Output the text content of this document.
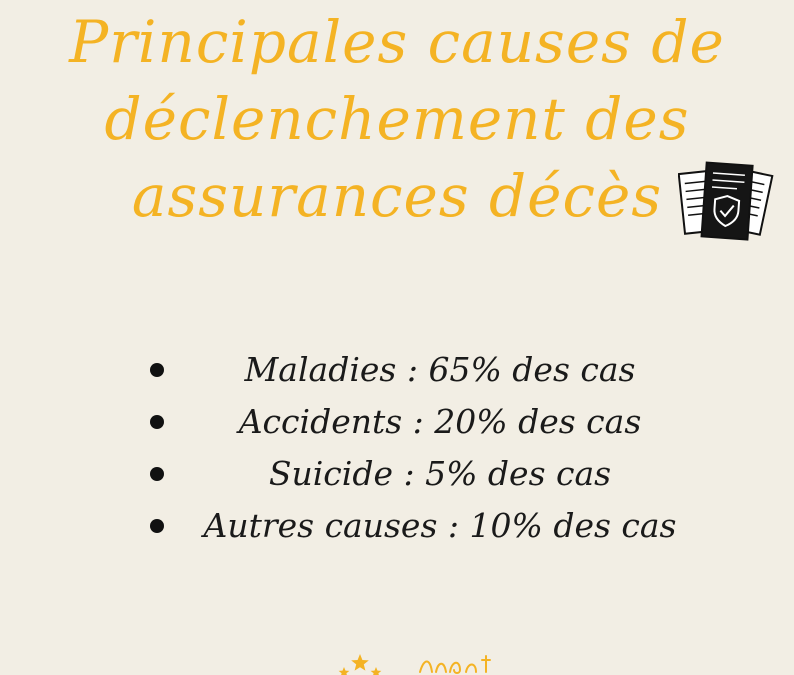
Principales causes de
déclenchement des
assurances décès
Maladies : 65% des cas
Accidents : 20% des cas
Suicide : 5% des cas
Autres causes : 10% des cas
